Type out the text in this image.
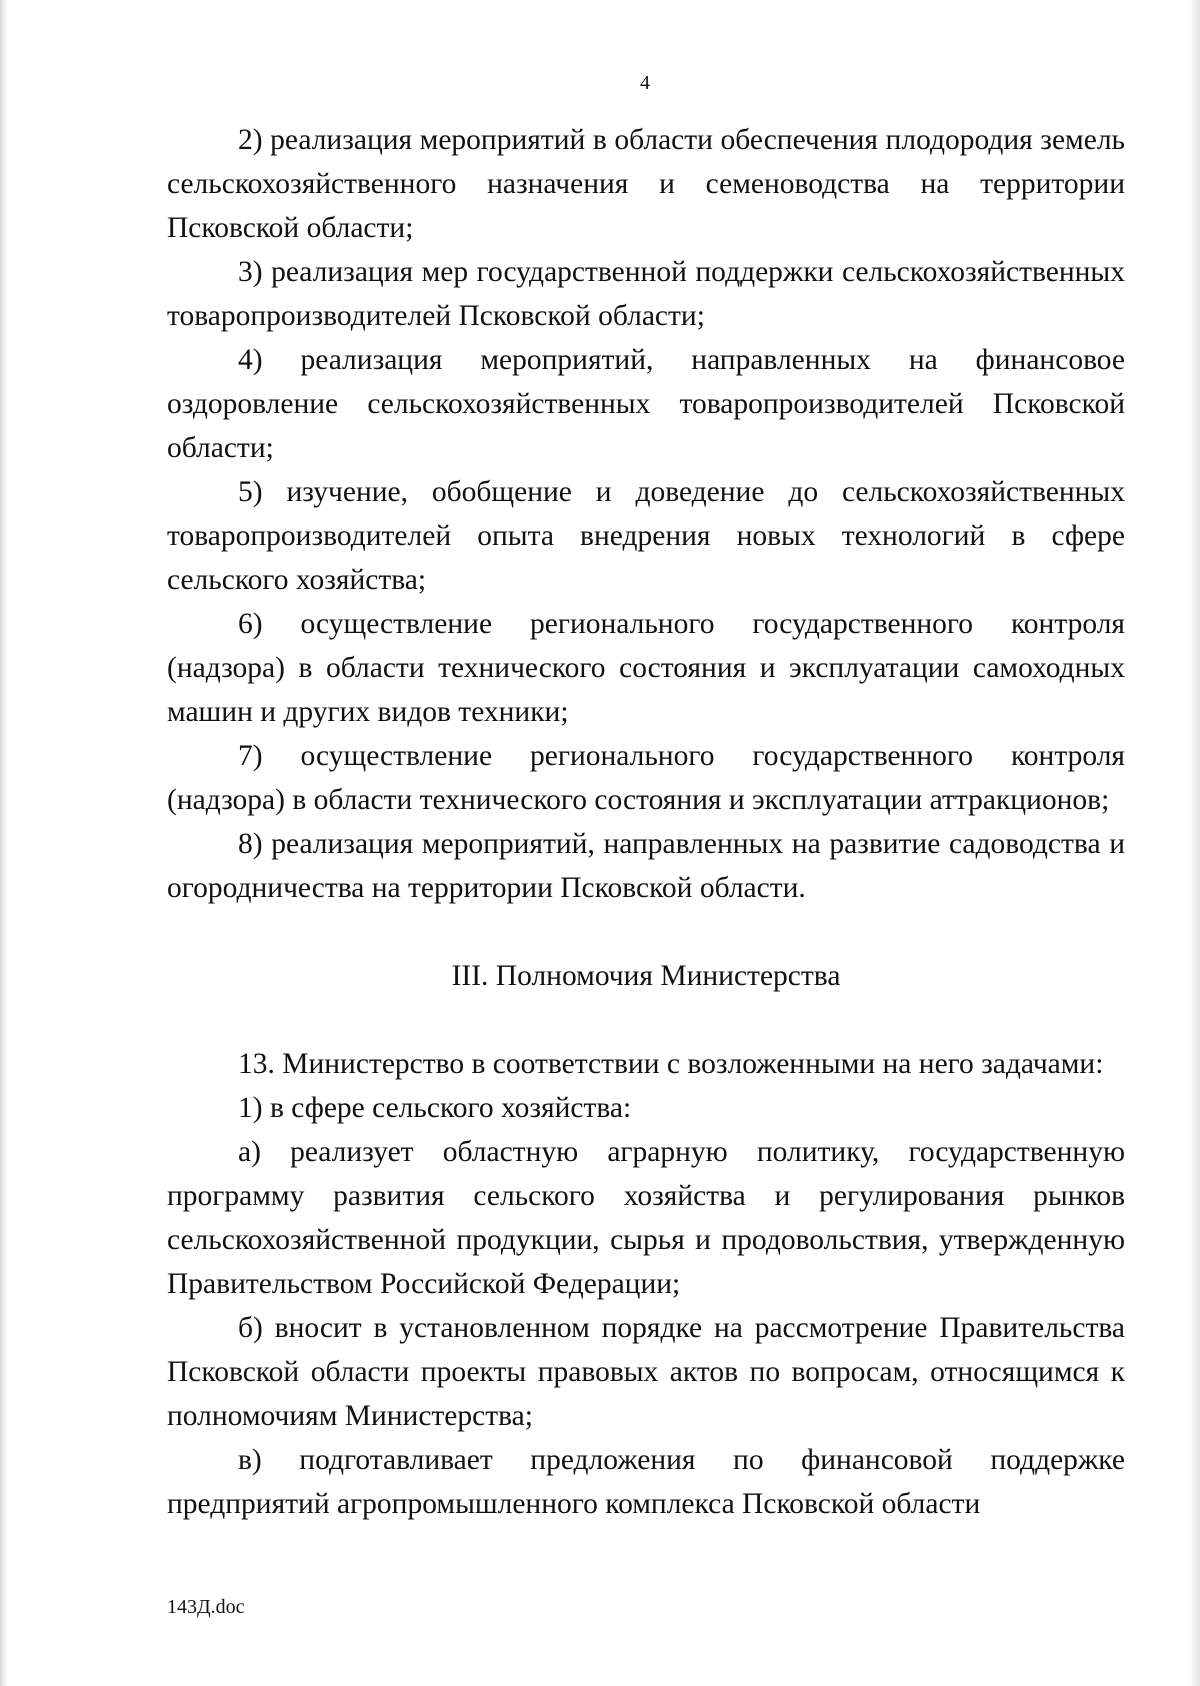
4

2) реализация мероприятий в области обеспечения плодородия земель сельскохозяйственного назначения и семеноводства на территории Псковской области;

3) реализация мер государственной поддержки сельскохозяйственных товаропроизводителей Псковской области;

4) реализация мероприятий, направленных на финансовое оздоровление сельскохозяйственных товаропроизводителей Псковской области;

5) изучение, обобщение и доведение до сельскохозяйственных товаропроизводителей опыта внедрения новых технологий в сфере сельского хозяйства;

6) осуществление регионального государственного контроля (надзора) в области технического состояния и эксплуатации самоходных машин и других видов техники;

7) осуществление регионального государственного контроля (надзора) в области технического состояния и эксплуатации аттракционов;

8) реализация мероприятий, направленных на развитие садоводства и огородничества на территории Псковской области.

III. Полномочия Министерства

13. Министерство в соответствии с возложенными на него задачами:

1) в сфере сельского хозяйства:

а) реализует областную аграрную политику, государственную программу развития сельского хозяйства и регулирования рынков сельскохозяйственной продукции, сырья и продовольствия, утвержденную Правительством Российской Федерации;

б) вносит в установленном порядке на рассмотрение Правительства Псковской области проекты правовых актов по вопросам, относящимся к полномочиям Министерства;

в) подготавливает предложения по финансовой поддержке предприятий агропромышленного комплекса Псковской области

143Д.doc
